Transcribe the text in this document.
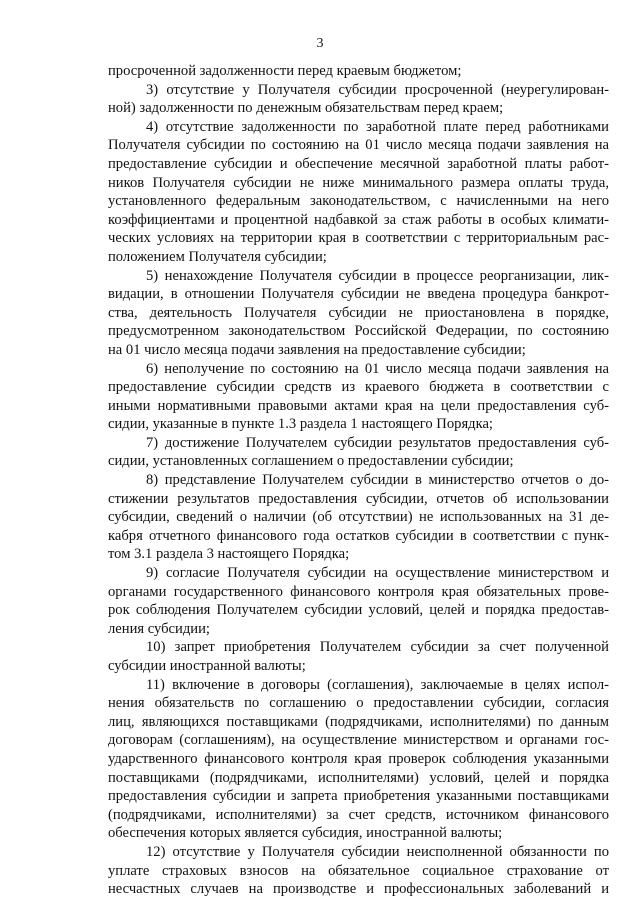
3
просроченной задолженности перед краевым бюджетом;
3) отсутствие у Получателя субсидии просроченной (неурегулирован-
ной) задолженности по денежным обязательствам перед краем;
4) отсутствие задолженности по заработной плате перед работниками
Получателя субсидии по состоянию на 01 число месяца подачи заявления на
предоставление субсидии и обеспечение месячной заработной платы работ-
ников Получателя субсидии не ниже минимального размера оплаты труда,
установленного федеральным законодательством, с начисленными на него
коэффициентами и процентной надбавкой за стаж работы в особых климати-
ческих условиях на территории края в соответствии с территориальным рас-
положением Получателя субсидии;
5) ненахождение Получателя субсидии в процессе реорганизации, лик-
видации, в отношении Получателя субсидии не введена процедура банкрот-
ства, деятельность Получателя субсидии не приостановлена в порядке,
предусмотренном законодательством Российской Федерации, по состоянию
на 01 число месяца подачи заявления на предоставление субсидии;
6) неполучение по состоянию на 01 число месяца подачи заявления на
предоставление субсидии средств из краевого бюджета в соответствии с
иными нормативными правовыми актами края на цели предоставления суб-
сидии, указанные в пункте 1.3 раздела 1 настоящего Порядка;
7) достижение Получателем субсидии результатов предоставления суб-
сидии, установленных соглашением о предоставлении субсидии;
8) представление Получателем субсидии в министерство отчетов о до-
стижении результатов предоставления субсидии, отчетов об использовании
субсидии, сведений о наличии (об отсутствии) не использованных на 31 де-
кабря отчетного финансового года остатков субсидии в соответствии с пунк-
том 3.1 раздела 3 настоящего Порядка;
9) согласие Получателя субсидии на осуществление министерством и
органами государственного финансового контроля края обязательных прове-
рок соблюдения Получателем субсидии условий, целей и порядка предостав-
ления субсидии;
10) запрет приобретения Получателем субсидии за счет полученной
субсидии иностранной валюты;
11) включение в договоры (соглашения), заключаемые в целях испол-
нения обязательств по соглашению о предоставлении субсидии, согласия
лиц, являющихся поставщиками (подрядчиками, исполнителями) по данным
договорам (соглашениям), на осуществление министерством и органами гос-
ударственного финансового контроля края проверок соблюдения указанными
поставщиками (подрядчиками, исполнителями) условий, целей и порядка
предоставления субсидии и запрета приобретения указанными поставщиками
(подрядчиками, исполнителями) за счет средств, источником финансового
обеспечения которых является субсидия, иностранной валюты;
12) отсутствие у Получателя субсидии неисполненной обязанности по
уплате страховых взносов на обязательное социальное страхование от
несчастных случаев на производстве и профессиональных заболеваний и
